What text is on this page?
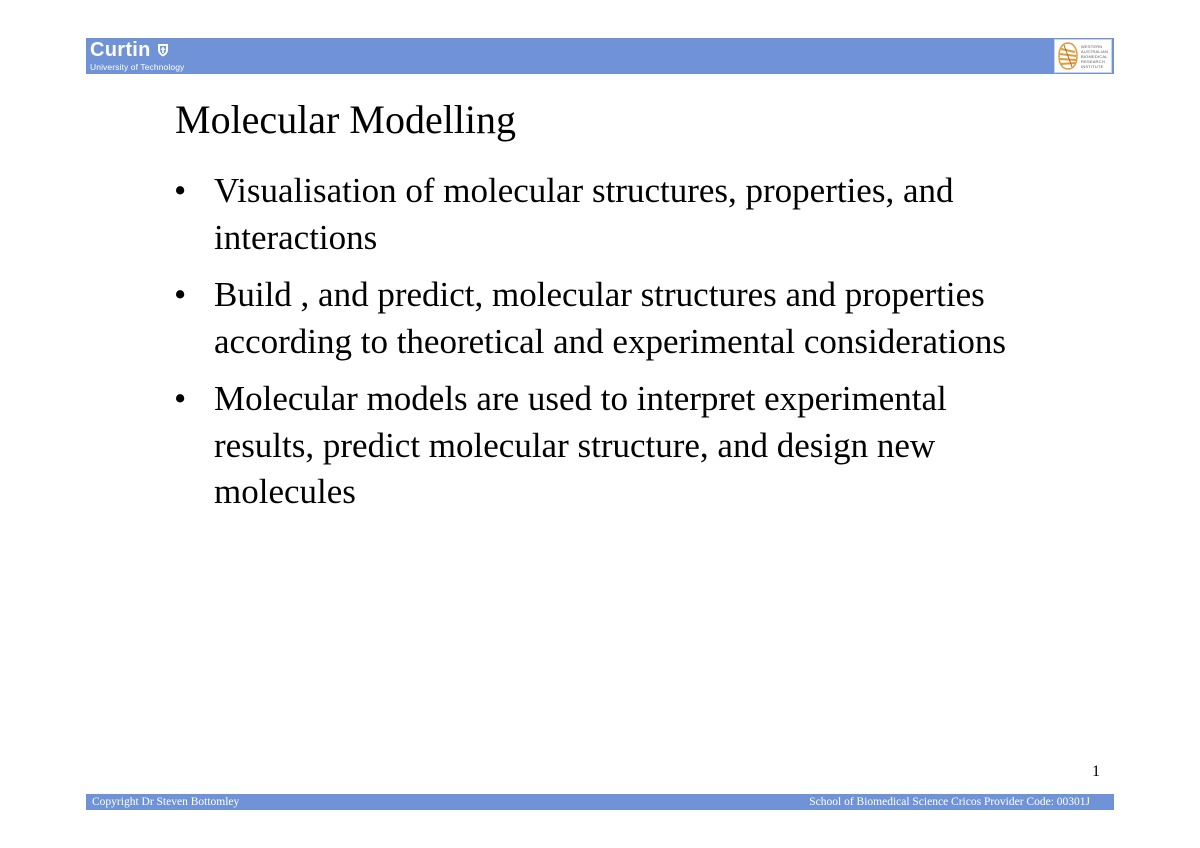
Curtin
University of Technology
WESTERN
AUSTRALIAN
BIOMEDICAL
RESEARCH
INSTITUTE
Molecular Modelling
• Visualisation of molecular structures, properties, and interactions
• Build , and predict, molecular structures and properties according to theoretical and experimental considerations
• Molecular models are used to interpret experimental results, predict molecular structure, and design new molecules
1
Copyright Dr Steven Bottomley	School of Biomedical Science Cricos Provider Code: 00301J
